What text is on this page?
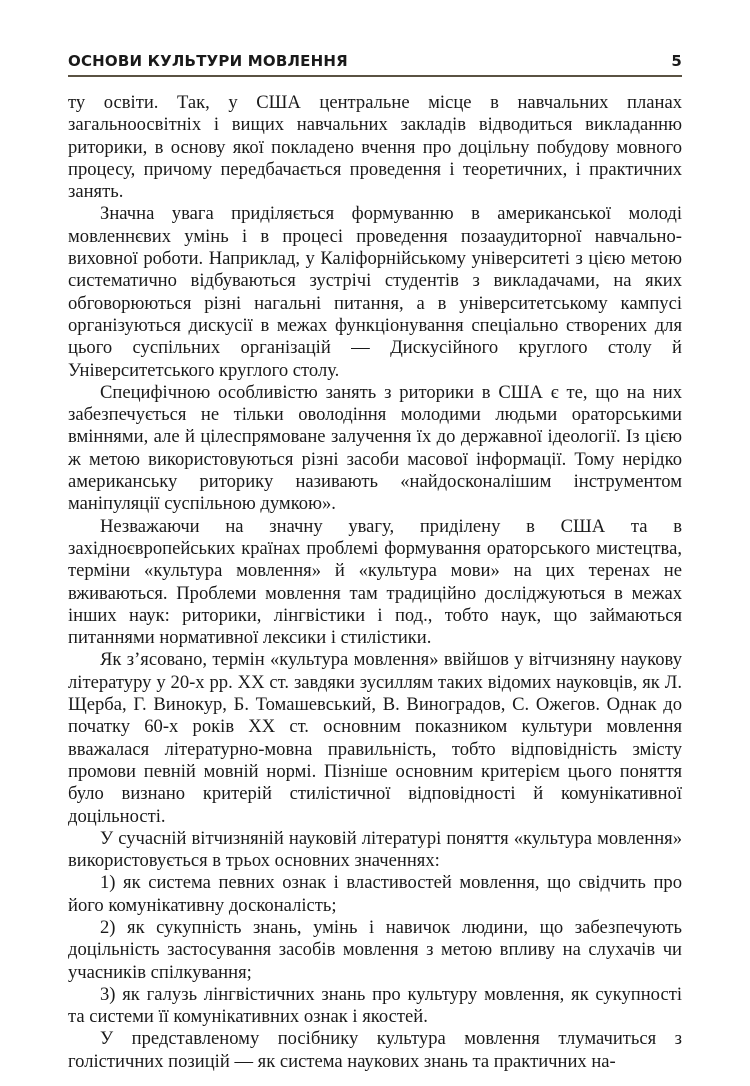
ОСНОВИ КУЛЬТУРИ МОВЛЕННЯ	5

ту освіти. Так, у США центральне місце в навчальних планах загальноосвітніх і вищих навчальних закладів відводиться викладанню риторики, в основу якої покладено вчення про доцільну побудову мовного процесу, причому передбачається проведення і теоретичних, і практичних занять.

Значна увага приділяється формуванню в американської молоді мовленнєвих умінь і в процесі проведення позааудиторної навчально-виховної роботи. Наприклад, у Каліфорнійському університеті з цією метою систематично відбуваються зустрічі студентів з викладачами, на яких обговорюються різні нагальні питання, а в університетському кампусі організуються дискусії в межах функціонування спеціально створених для цього суспільних організацій — Дискусійного круглого столу й Університетського круглого столу.

Специфічною особливістю занять з риторики в США є те, що на них забезпечується не тільки оволодіння молодими людьми ораторськими вміннями, але й цілеспрямоване залучення їх до державної ідеології. Із цією ж метою використовуються різні засоби масової інформації. Тому нерідко американську риторику називають «найдосконалішим інструментом маніпуляції суспільною думкою».

Незважаючи на значну увагу, приділену в США та в західноєвропейських країнах проблемі формування ораторського мистецтва, терміни «культура мовлення» й «культура мови» на цих теренах не вживаються. Проблеми мовлення там традиційно досліджуються в межах інших наук: риторики, лінгвістики і под., тобто наук, що займаються питаннями нормативної лексики і стилістики.

Як з’ясовано, термін «культура мовлення» ввійшов у вітчизняну наукову літературу у 20-х рр. XX ст. завдяки зусиллям таких відомих науковців, як Л. Щерба, Г. Винокур, Б. Томашевський, В. Виноградов, С. Ожегов. Однак до початку 60-х років XX ст. основним показником культури мовлення вважалася літературно-мовна правильність, тобто відповідність змісту промови певній мовній нормі. Пізніше основним критерієм цього поняття було визнано критерій стилістичної відповідності й комунікативної доцільності.

У сучасній вітчизняній науковій літературі поняття «культура мовлення» використовується в трьох основних значеннях:

1) як система певних ознак і властивостей мовлення, що свідчить про його комунікативну досконалість;

2) як сукупність знань, умінь і навичок людини, що забезпечують доцільність застосування засобів мовлення з метою впливу на слухачів чи учасників спілкування;

3) як галузь лінгвістичних знань про культуру мовлення, як сукупності та системи її комунікативних ознак і якостей.

У представленому посібнику культура мовлення тлумачиться з голістичних позицій — як система наукових знань та практичних на-
